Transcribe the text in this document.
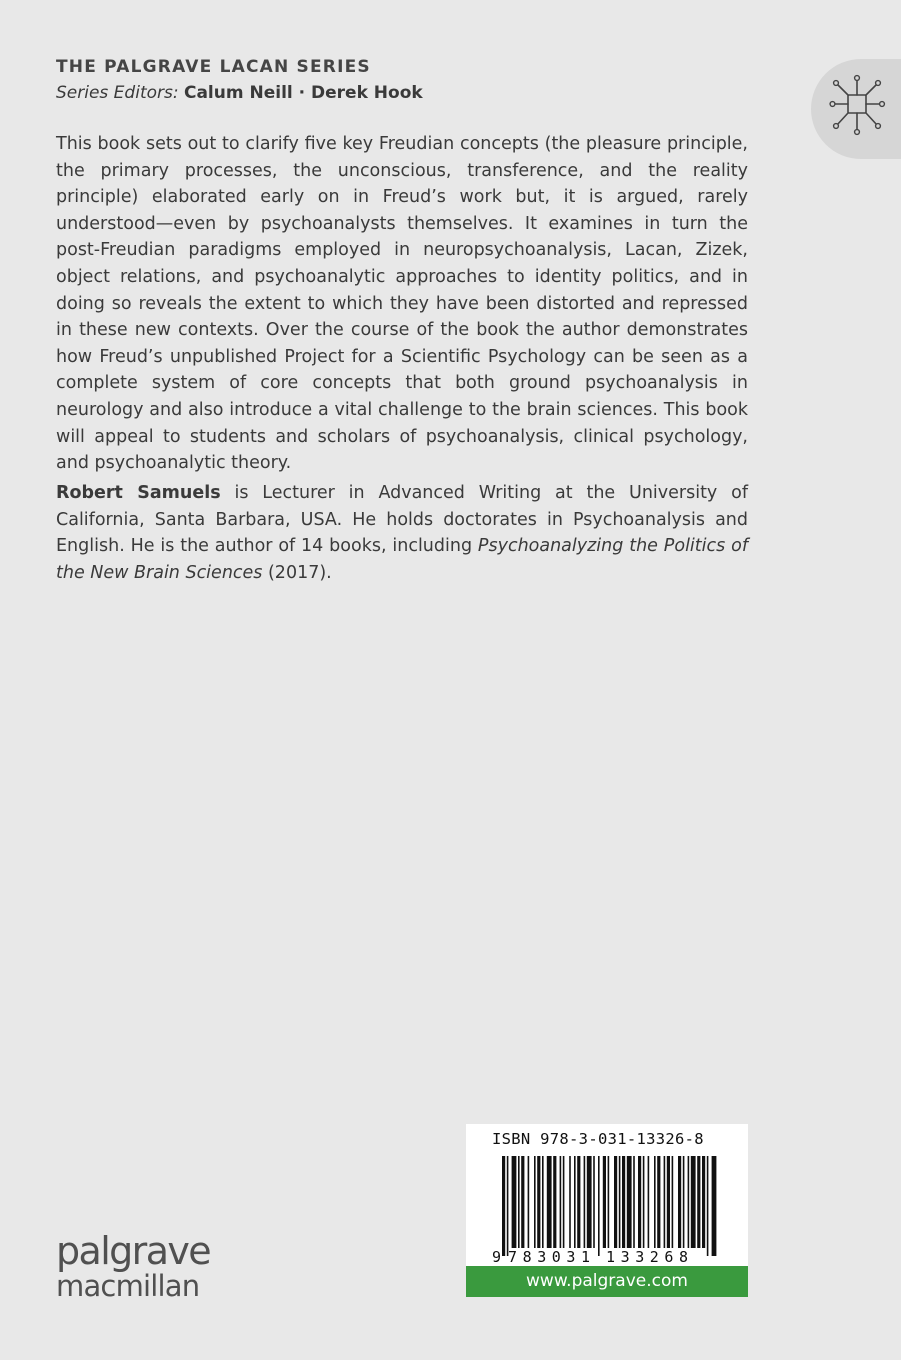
THE PALGRAVE LACAN SERIES
Series Editors: Calum Neill · Derek Hook

This book sets out to clarify five key Freudian concepts (the pleasure principle, the primary processes, the unconscious, transference, and the reality principle) elaborated early on in Freud’s work but, it is argued, rarely understood—even by psychoanalysts themselves. It examines in turn the post-Freudian paradigms employed in neuropsychoanalysis, Lacan, Zizek, object relations, and psychoanalytic approaches to identity politics, and in doing so reveals the extent to which they have been distorted and repressed in these new contexts. Over the course of the book the author demonstrates how Freud’s unpublished Project for a Scientific Psychology can be seen as a complete system of core concepts that both ground psychoanalysis in neurology and also introduce a vital challenge to the brain sciences. This book will appeal to students and scholars of psychoanalysis, clinical psychology, and psychoanalytic theory.

Robert Samuels is Lecturer in Advanced Writing at the University of California, Santa Barbara, USA. He holds doctorates in Psychoanalysis and English. He is the author of 14 books, including Psychoanalyzing the Politics of the New Brain Sciences (2017).

palgrave
macmillan
ISBN 978-3-031-13326-8
9 783031 133268
www.palgrave.com
